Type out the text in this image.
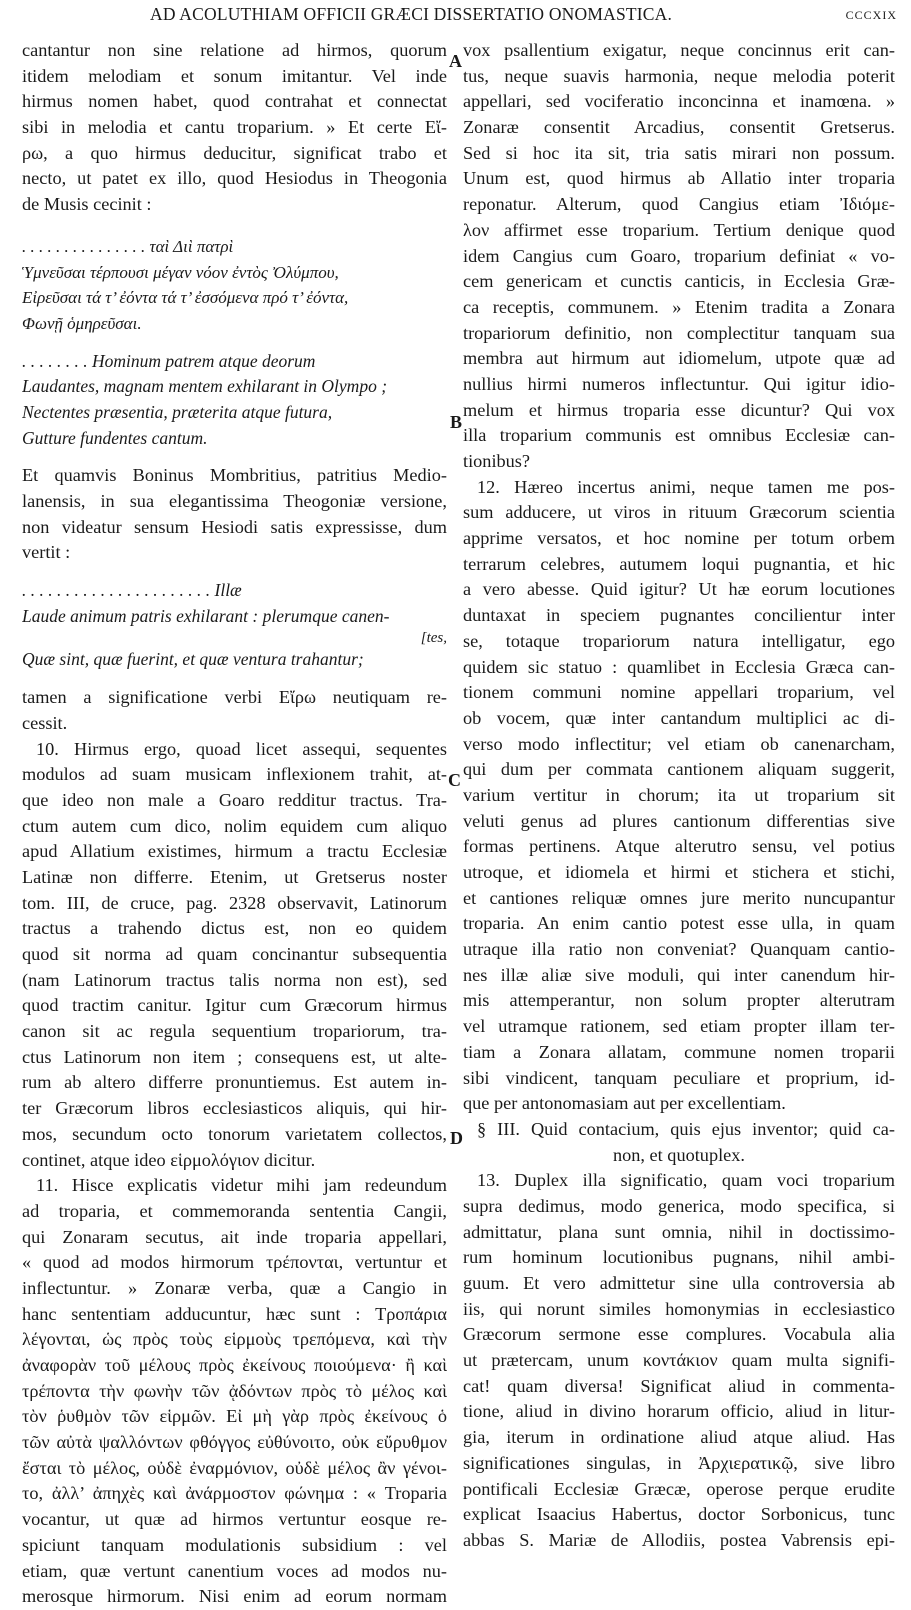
AD ACOLUTHIAM OFFICII GRÆCI DISSERTATIO ONOMASTICA.	CCCXIX
cantantur non sine relatione ad hirmos, quorum
itidem melodiam et sonum imitantur. Vel inde
hirmus nomen habet, quod contrahat et connectat
sibi in melodia et cantu troparium. » Et certe Εἴ-
ρω, a quo hirmus deducitur, significat trabo et
necto, ut patet ex illo, quod Hesiodus in Theogonia
de Musis cecinit :
. . . . . . . . . . . . . . . ταὶ Διὶ πατρὶ
Ὑμνεῦσαι τέρπουσι μέγαν νόον ἐντὸς Ὀλύμπου,
Εἰρεῦσαι τά τ’ ἐόντα τά τ’ ἐσσόμενα πρό τ’ ἐόντα,
Φωνῇ ὁμηρεῦσαι.
. . . . . . . . Hominum patrem atque deorum
Laudantes, magnam mentem exhilarant in Olympo ;
Nectentes præsentia, præterita atque futura,
Gutture fundentes cantum.
Et quamvis Boninus Mombritius, patritius Medio-
lanensis, in sua elegantissima Theogoniæ versione,
non videatur sensum Hesiodi satis expressisse, dum
vertit :
. . . . . . . . . . . . . . . . . . . . . . Illæ
Laude animum patris exhilarant : plerumque canen-
[tes,
Quæ sint, quæ fuerint, et quæ ventura trahantur;
tamen a significatione verbi Εἴρω neutiquam re-
cessit.
10. Hirmus ergo, quoad licet assequi, sequentes
modulos ad suam musicam inflexionem trahit, at-
que ideo non male a Goaro redditur tractus. Tra-
ctum autem cum dico, nolim equidem cum aliquo
apud Allatium existimes, hirmum a tractu Ecclesiæ
Latinæ non differre. Etenim, ut Gretserus noster
tom. III, de cruce, pag. 2328 observavit, Latinorum
tractus a trahendo dictus est, non eo quidem
quod sit norma ad quam concinantur subsequentia
(nam Latinorum tractus talis norma non est), sed
quod tractim canitur. Igitur cum Græcorum hirmus
canon sit ac regula sequentium tropariorum, tra-
ctus Latinorum non item ; consequens est, ut alte-
rum ab altero differre pronuntiemus. Est autem in-
ter Græcorum libros ecclesiasticos aliquis, qui hir-
mos, secundum octo tonorum varietatem collectos,
continet, atque ideo εἱρμολόγιον dicitur.
11. Hisce explicatis videtur mihi jam redeundum
ad troparia, et commemoranda sententia Cangii,
qui Zonaram secutus, ait inde troparia appellari,
« quod ad modos hirmorum τρέπονται, vertuntur et
inflectuntur. » Zonaræ verba, quæ a Cangio in
hanc sententiam adducuntur, hæc sunt : Τροπάρια
λέγονται, ὡς πρὸς τοὺς εἱρμοὺς τρεπόμενα, καὶ τὴν
ἀναφορὰν τοῦ μέλους πρὸς ἐκείνους ποιούμενα· ἢ καὶ
τρέποντα τὴν φωνὴν τῶν ᾀδόντων πρὸς τὸ μέλος καὶ
τὸν ῥυθμὸν τῶν εἱρμῶν. Εἰ μὴ γὰρ πρὸς ἐκείνους ὁ
τῶν αὐτὰ ψαλλόντων φθόγγος εὐθύνοιτο, οὐκ εὔρυθμον
ἔσται τὸ μέλος, οὐδὲ ἐναρμόνιον, οὐδὲ μέλος ἂν γένοι-
το, ἀλλ’ ἀπηχὲς καὶ ἀνάρμοστον φώνημα : « Troparia
vocantur, ut quæ ad hirmos vertuntur eosque re-
spiciunt tanquam modulationis subsidium : vel
etiam, quæ vertunt canentium voces ad modos nu-
merosque hirmorum. Nisi enim ad eorum normam
vox psallentium exigatur, neque concinnus erit can-
tus, neque suavis harmonia, neque melodia poterit
appellari, sed vociferatio inconcinna et inamœna. »
Zonaræ consentit Arcadius, consentit Gretserus.
Sed si hoc ita sit, tria satis mirari non possum.
Unum est, quod hirmus ab Allatio inter troparia
reponatur. Alterum, quod Cangius etiam Ἰδιόμε-
λον affirmet esse troparium. Tertium denique quod
idem Cangius cum Goaro, troparium definiat « vo-
cem genericam et cunctis canticis, in Ecclesia Græ-
ca receptis, communem. » Etenim tradita a Zonara
tropariorum definitio, non complectitur tanquam sua
membra aut hirmum aut idiomelum, utpote quæ ad
nullius hirmi numeros inflectuntur. Qui igitur idio-
melum et hirmus troparia esse dicuntur? Qui vox
illa troparium communis est omnibus Ecclesiæ can-
tionibus?
12. Hæreo incertus animi, neque tamen me pos-
sum adducere, ut viros in rituum Græcorum scientia
apprime versatos, et hoc nomine per totum orbem
terrarum celebres, autumem loqui pugnantia, et hic
a vero abesse. Quid igitur? Ut hæ eorum locutiones
duntaxat in speciem pugnantes concilientur inter
se, totaque tropariorum natura intelligatur, ego
quidem sic statuo : quamlibet in Ecclesia Græca can-
tionem communi nomine appellari troparium, vel
ob vocem, quæ inter cantandum multiplici ac di-
verso modo inflectitur; vel etiam ob canenarcham,
qui dum per commata cantionem aliquam suggerit,
varium vertitur in chorum; ita ut troparium sit
veluti genus ad plures cantionum differentias sive
formas pertinens. Atque alterutro sensu, vel potius
utroque, et idiomela et hirmi et stichera et stichi,
et cantiones reliquæ omnes jure merito nuncupantur
troparia. An enim cantio potest esse ulla, in quam
utraque illa ratio non conveniat? Quanquam cantio-
nes illæ aliæ sive moduli, qui inter canendum hir-
mis attemperantur, non solum propter alterutram
vel utramque rationem, sed etiam propter illam ter-
tiam a Zonara allatam, commune nomen troparii
sibi vindicent, tanquam peculiare et proprium, id-
que per antonomasiam aut per excellentiam.
§ III. Quid contacium, quis ejus inventor; quid ca-
non, et quotuplex.
13. Duplex illa significatio, quam voci troparium
supra dedimus, modo generica, modo specifica, si
admittatur, plana sunt omnia, nihil in doctissimo-
rum hominum locutionibus pugnans, nihil ambi-
guum. Et vero admittetur sine ulla controversia ab
iis, qui norunt similes homonymias in ecclesiastico
Græcorum sermone esse complures. Vocabula alia
ut prætercam, unum κοντάκιον quam multa signifi-
cat! quam diversa! Significat aliud in commenta-
tione, aliud in divino horarum officio, aliud in litur-
gia, iterum in ordinatione aliud atque aliud. Has
significationes singulas, in Ἀρχιερατικῷ, sive libro
pontificali Ecclesiæ Græcæ, operose perque erudite
explicat Isaacius Habertus, doctor Sorbonicus, tunc
abbas S. Mariæ de Allodiis, postea Vabrensis epi-
A
B
C
D
